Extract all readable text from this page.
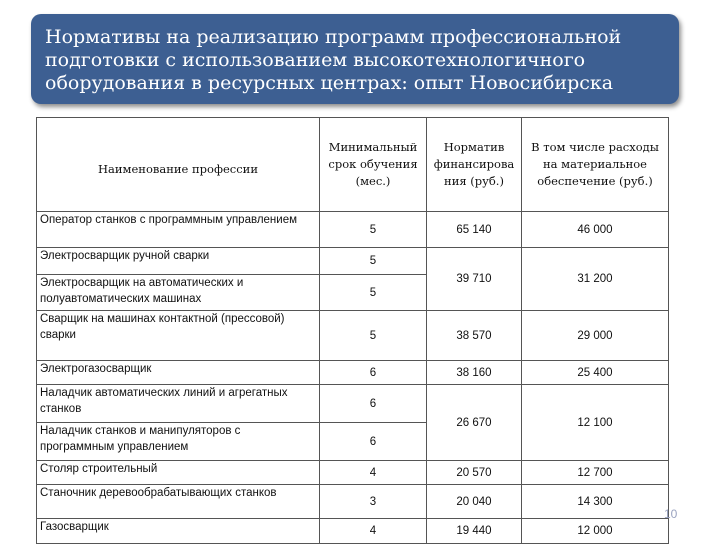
Нормативы на реализацию программ профессиональной
подготовки с использованием высокотехнологичного
оборудования в ресурсных центрах: опыт Новосибирска
Наименование профессии	Минимальный срок обучения (мес.)	Норматив финансирова ния (руб.)	В том числе расходы на материальное обеспечение (руб.)
Оператор станков с программным управлением	5	65 140	46 000
Электросварщик ручной сварки	5	39 710	31 200
Электросварщик на автоматических и полуавтоматических машинах	5		
Сварщик на машинах контактной (прессовой) сварки	5	38 570	29 000
Электрогазосварщик	6	38 160	25 400
Наладчик автоматических линий и агрегатных станков	6	26 670	12 100
Наладчик станков и манипуляторов с программным управлением	6		
Столяр строительный	4	20 570	12 700
Станочник деревообрабатывающих станков	3	20 040	14 300
Газосварщик	4	19 440	12 000
10
